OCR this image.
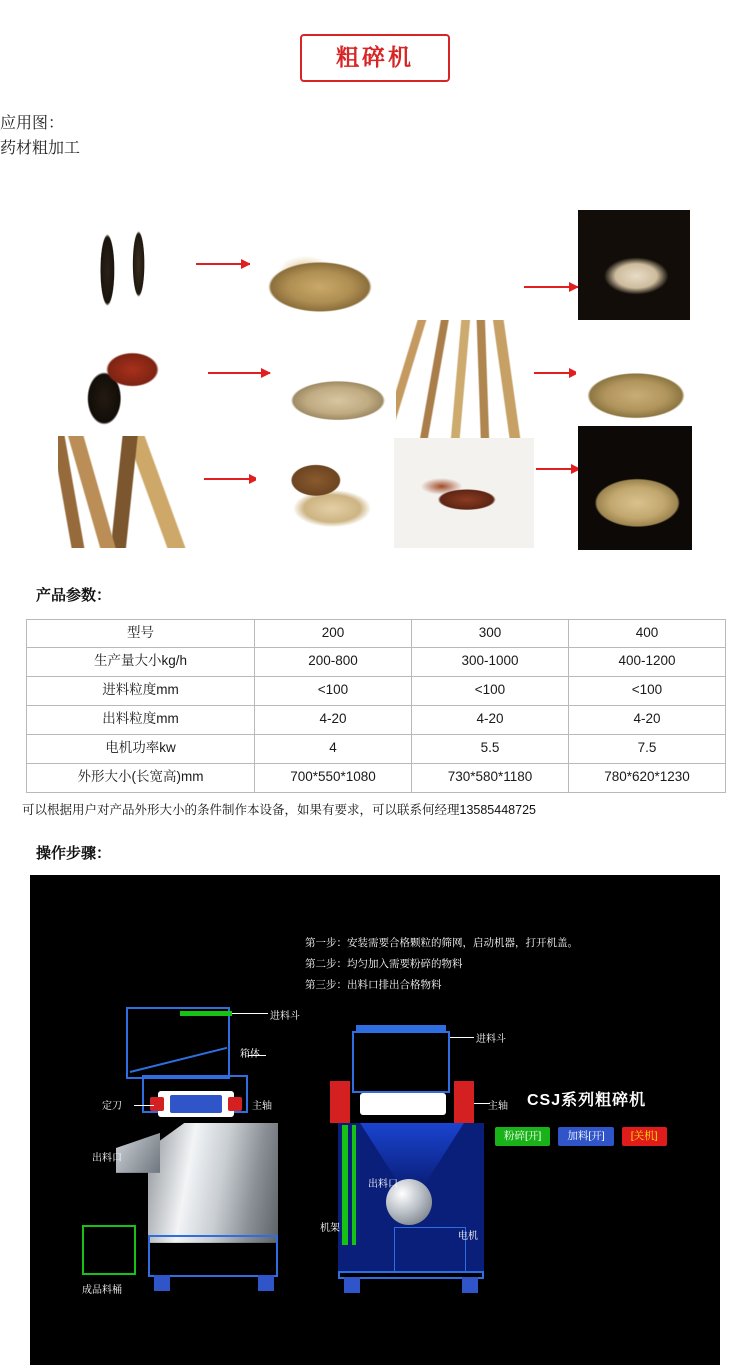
粗碎机
应用图：
药材粗加工
产品参数：
型号	200	300	400
生产量大小kg/h	200-800	300-1000	400-1200
进料粒度mm	<100	<100	<100
出料粒度mm	4-20	4-20	4-20
电机功率kw	4	5.5	7.5
外形大小(长宽高)mm	700*550*1080	730*580*1180	780*620*1230
可以根据用户对产品外形大小的条件制作本设备，如果有要求，可以联系何经理13585448725
操作步骤：
第一步：安装需要合格颗粒的筛网，启动机器，打开机盖。
第二步：均匀加入需要粉碎的物料
第三步：出料口排出合格物料
CSJ系列粗碎机
粉碎[开]	加料[开]	[关机]
进料斗
箱体
定刀	主轴
出料口
成品料桶
进料斗
主轴
出料口
机架
电机
